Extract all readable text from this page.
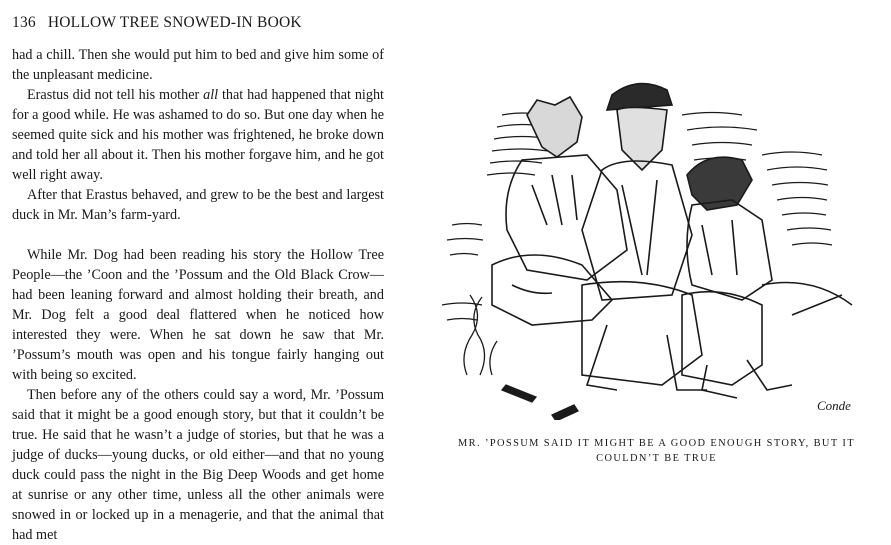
136 HOLLOW TREE SNOWED-IN BOOK

had a chill. Then she would put him to bed and give him some of the unpleasant medicine.

Erastus did not tell his mother all that had happened that night for a good while. He was ashamed to do so. But one day when he seemed quite sick and his mother was frightened, he broke down and told her all about it. Then his mother forgave him, and he got well right away.

After that Erastus behaved, and grew to be the best and largest duck in Mr. Man’s farm-yard.

While Mr. Dog had been reading his story the Hollow Tree People—the ’Coon and the ’Possum and the Old Black Crow—had been leaning forward and almost holding their breath, and Mr. Dog felt a good deal flattered when he noticed how interested they were. When he sat down he saw that Mr. ’Possum’s mouth was open and his tongue fairly hanging out with being so excited.

Then before any of the others could say a word, Mr. ’Possum said that it might be a good enough story, but that it couldn’t be true. He said that he wasn’t a judge of stories, but that he was a judge of ducks—young ducks, or old either—and that no young duck could pass the night in the Big Deep Woods and get home at sunrise or any other time, unless all the other animals were snowed in or locked up in a menagerie, and that the animal that had met

Conde
MR. ’POSSUM SAID IT MIGHT BE A GOOD ENOUGH STORY, BUT IT
COULDN’T BE TRUE
